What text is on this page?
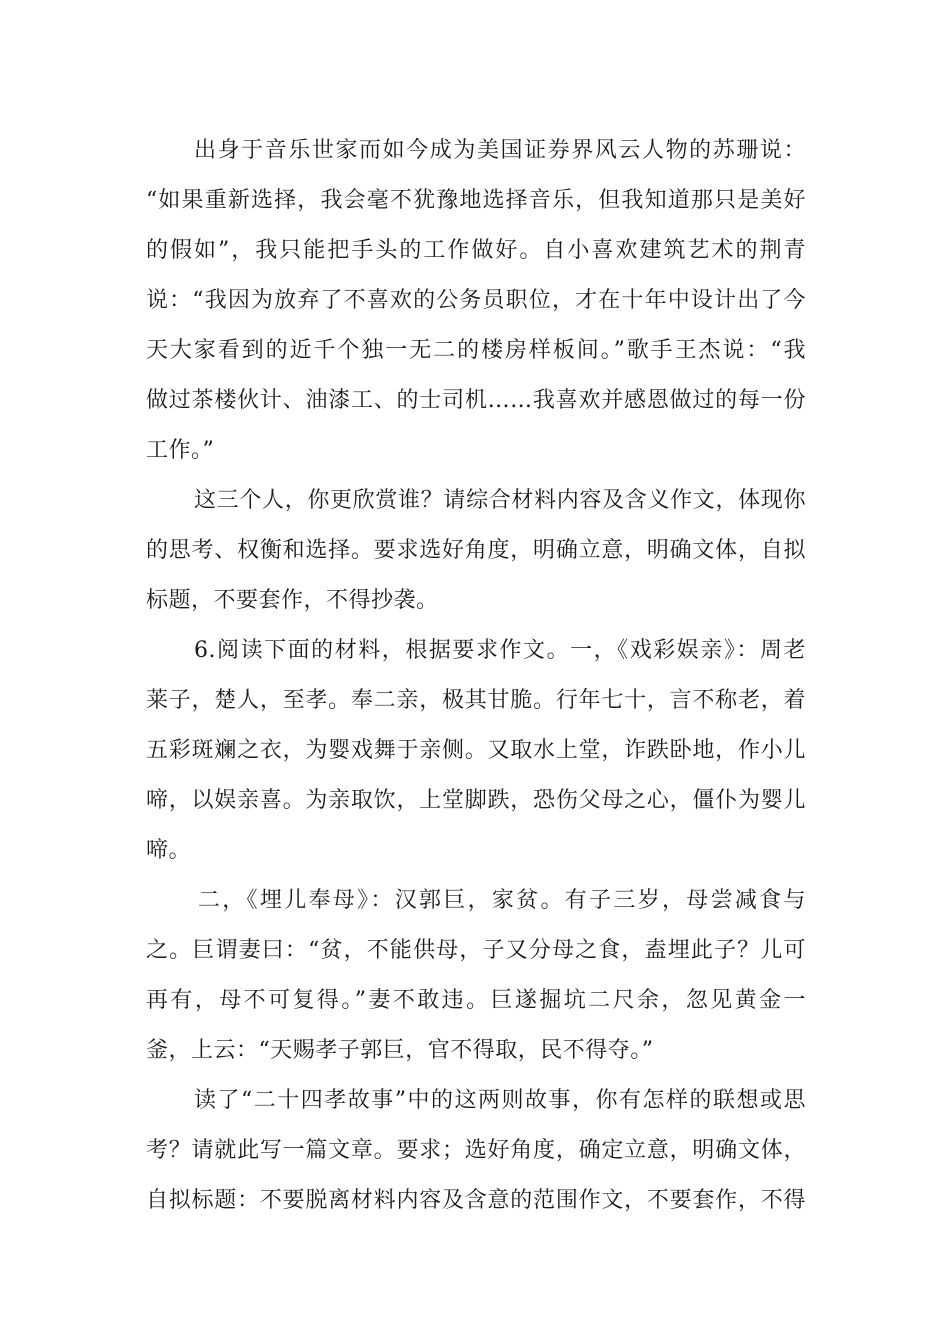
出身于音乐世家而如今成为美国证券界风云人物的苏珊说：
“如果重新选择，我会毫不犹豫地选择音乐，但我知道那只是美好
的假如”，我只能把手头的工作做好。自小喜欢建筑艺术的荆青
说：“我因为放弃了不喜欢的公务员职位，才在十年中设计出了今
天大家看到的近千个独一无二的楼房样板间。”歌手王杰说：“我
做过茶楼伙计、油漆工、的士司机……我喜欢并感恩做过的每一份
工作。”
这三个人，你更欣赏谁？请综合材料内容及含义作文，体现你
的思考、权衡和选择。要求选好角度，明确立意，明确文体，自拟
标题，不要套作，不得抄袭。
6.阅读下面的材料，根据要求作文。一，《戏彩娱亲》：周老
莱子，楚人，至孝。奉二亲，极其甘脆。行年七十，言不称老，着
五彩斑斓之衣，为婴戏舞于亲侧。又取水上堂，诈跌卧地，作小儿
啼，以娱亲喜。为亲取饮，上堂脚跌，恐伤父母之心，僵仆为婴儿
啼。
二，《埋儿奉母》：汉郭巨，家贫。有子三岁，母尝减食与
之。巨谓妻曰：“贫，不能供母，子又分母之食，盍埋此子？儿可
再有，母不可复得。”妻不敢违。巨遂掘坑二尺余，忽见黄金一
釜，上云：“天赐孝子郭巨，官不得取，民不得夺。”
读了“二十四孝故事”中的这两则故事，你有怎样的联想或思
考？请就此写一篇文章。要求；选好角度，确定立意，明确文体，
自拟标题：不要脱离材料内容及含意的范围作文，不要套作，不得
